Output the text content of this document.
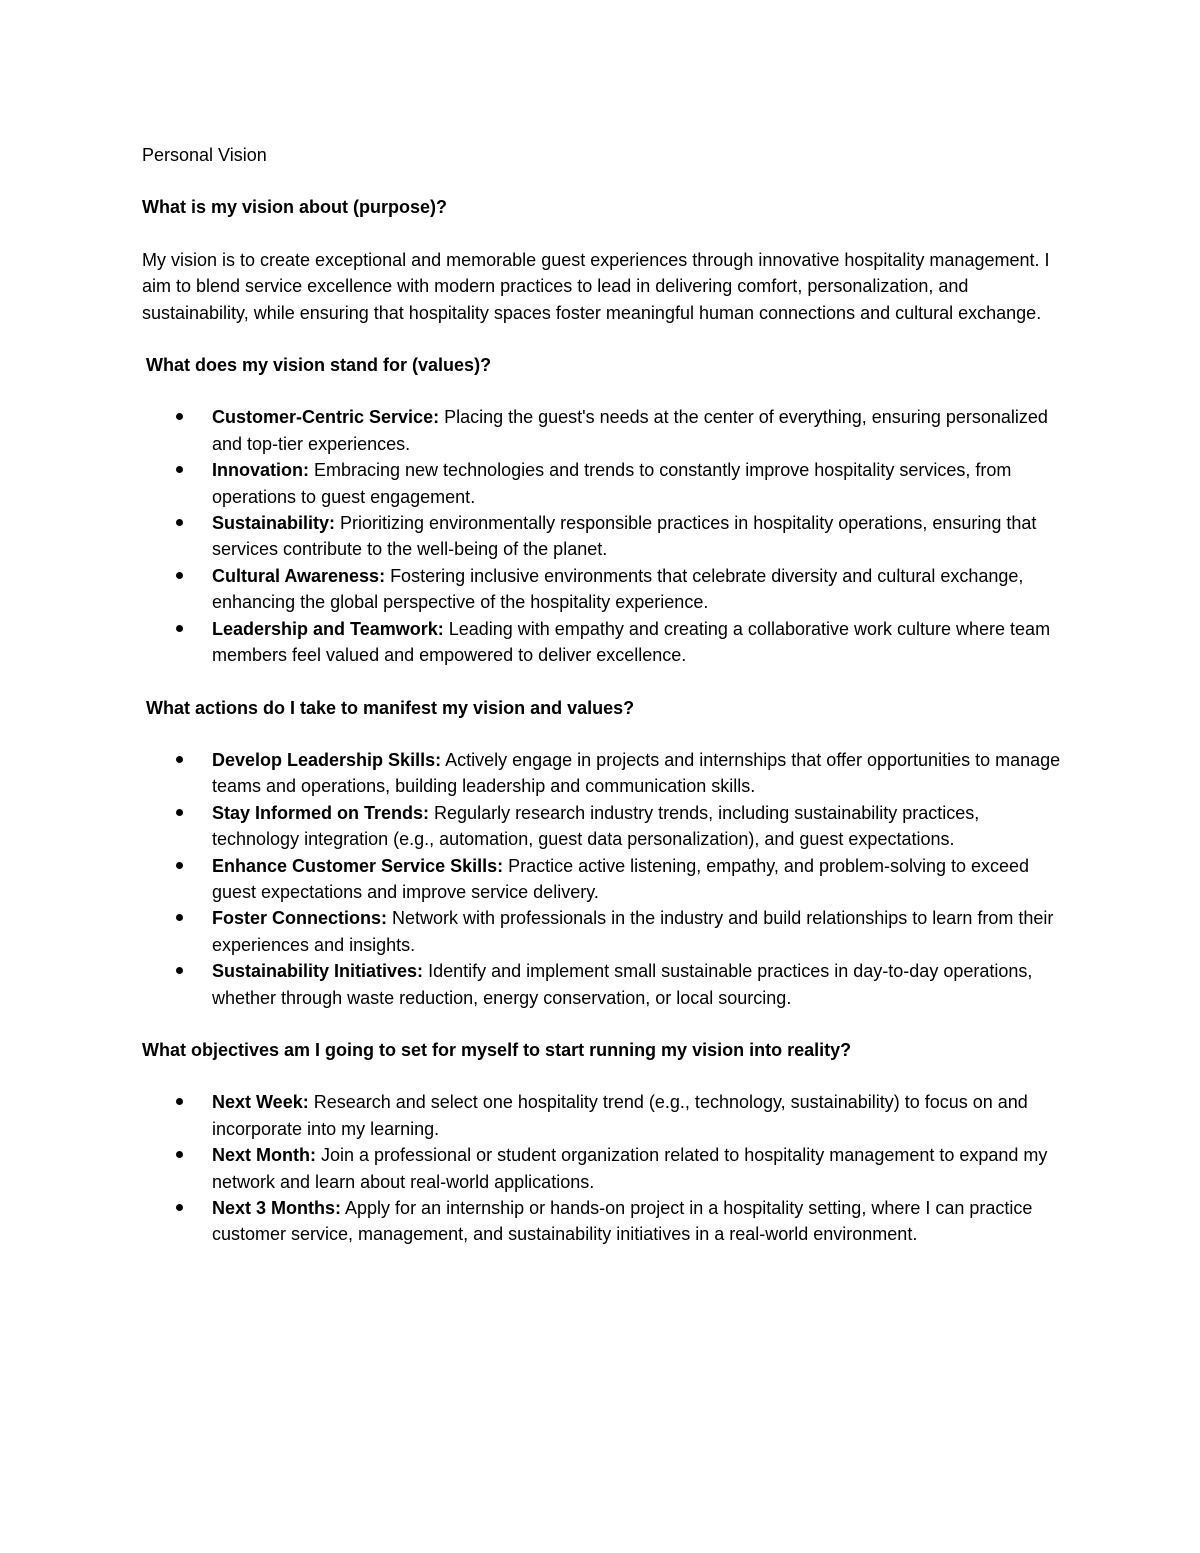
Personal Vision
What is my vision about (purpose)?
My vision is to create exceptional and memorable guest experiences through innovative hospitality management. I aim to blend service excellence with modern practices to lead in delivering comfort, personalization, and sustainability, while ensuring that hospitality spaces foster meaningful human connections and cultural exchange.
What does my vision stand for (values)?
Customer-Centric Service: Placing the guest's needs at the center of everything, ensuring personalized and top-tier experiences.
Innovation: Embracing new technologies and trends to constantly improve hospitality services, from operations to guest engagement.
Sustainability: Prioritizing environmentally responsible practices in hospitality operations, ensuring that services contribute to the well-being of the planet.
Cultural Awareness: Fostering inclusive environments that celebrate diversity and cultural exchange, enhancing the global perspective of the hospitality experience.
Leadership and Teamwork: Leading with empathy and creating a collaborative work culture where team members feel valued and empowered to deliver excellence.
What actions do I take to manifest my vision and values?
Develop Leadership Skills: Actively engage in projects and internships that offer opportunities to manage teams and operations, building leadership and communication skills.
Stay Informed on Trends: Regularly research industry trends, including sustainability practices, technology integration (e.g., automation, guest data personalization), and guest expectations.
Enhance Customer Service Skills: Practice active listening, empathy, and problem-solving to exceed guest expectations and improve service delivery.
Foster Connections: Network with professionals in the industry and build relationships to learn from their experiences and insights.
Sustainability Initiatives: Identify and implement small sustainable practices in day-to-day operations, whether through waste reduction, energy conservation, or local sourcing.
What objectives am I going to set for myself to start running my vision into reality?
Next Week: Research and select one hospitality trend (e.g., technology, sustainability) to focus on and incorporate into my learning.
Next Month: Join a professional or student organization related to hospitality management to expand my network and learn about real-world applications.
Next 3 Months: Apply for an internship or hands-on project in a hospitality setting, where I can practice customer service, management, and sustainability initiatives in a real-world environment.
